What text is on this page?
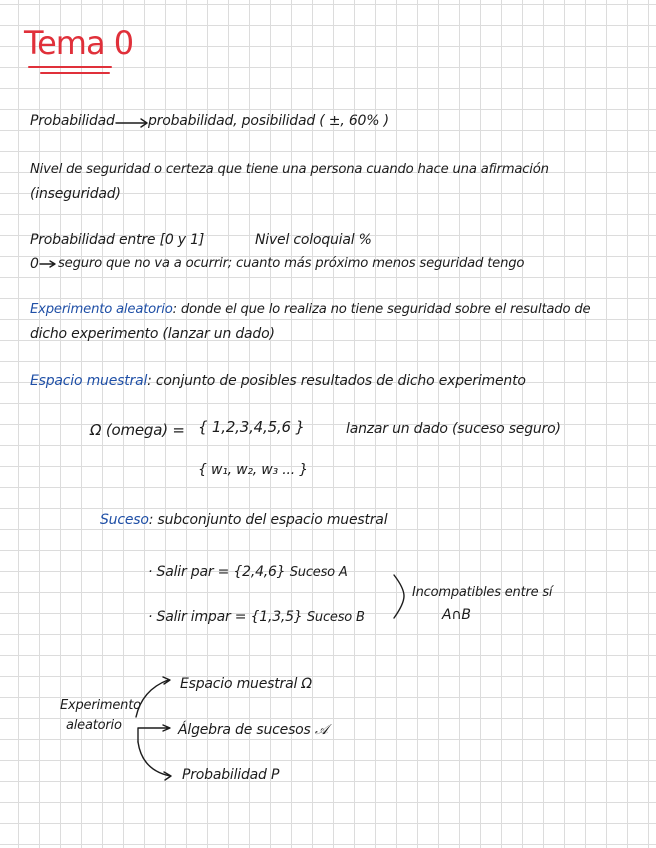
Tema 0
Probabilidad probabilidad, posibilidad ( ±, 60% )
Nivel de seguridad o certeza que tiene una persona cuando hace una afirmación
(inseguridad)
Probabilidad entre [0 y 1]	Nivel coloquial %
0 seguro que no va a ocurrir; cuanto más próximo menos seguridad tengo
Experimento aleatorio: donde el que lo realiza no tiene seguridad sobre el resultado de
dicho experimento (lanzar un dado)
Espacio muestral: conjunto de posibles resultados de dicho experimento
Ω (omega) = { 1,2,3,4,5,6 }	lanzar un dado (suceso seguro)
{ w₁, w₂, w₃ ... }
Suceso: subconjunto del espacio muestral
· Salir par = {2,4,6} Suceso A
· Salir impar = {1,3,5} Suceso B
Incompatibles entre sí
A∩B
Experimento
aleatorio
Espacio muestral Ω
Álgebra de sucesos 𝒜
Probabilidad P
